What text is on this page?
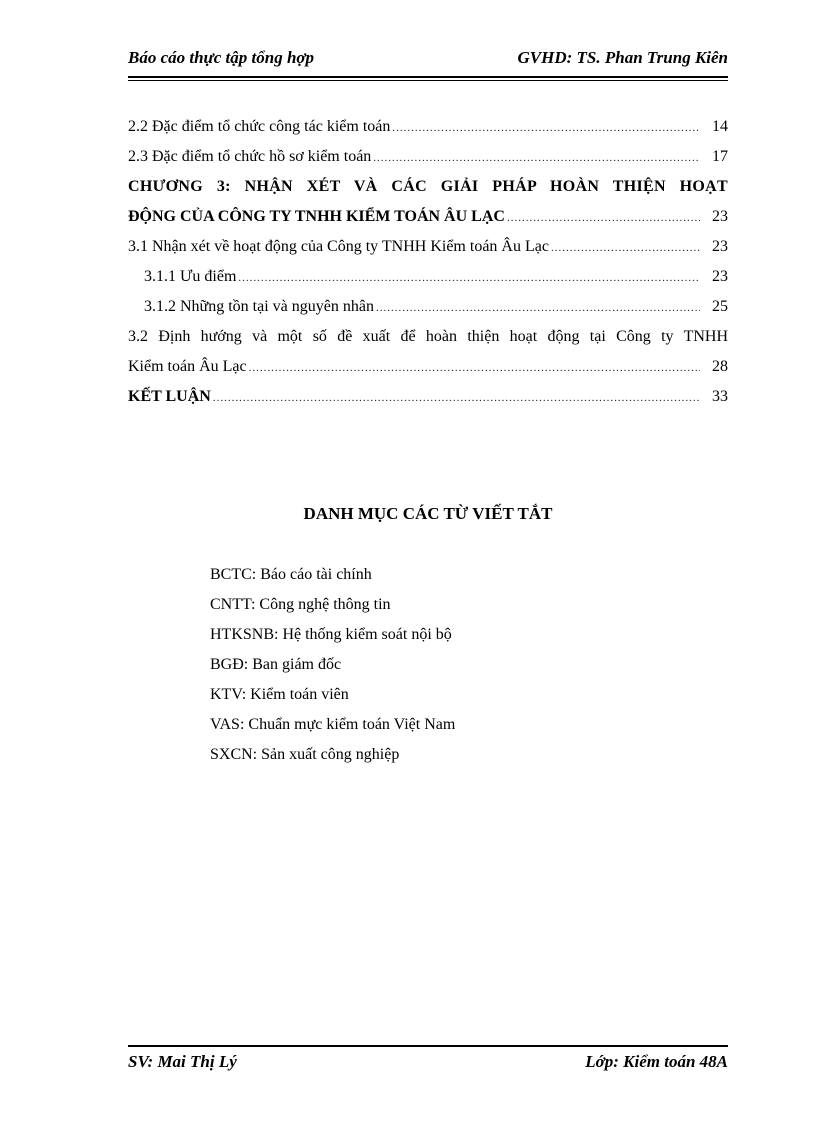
Báo cáo thực tập tổng hợp	GVHD: TS. Phan Trung Kiên
2.2 Đặc điểm tổ chức công tác kiểm toán .....	14
2.3 Đặc điểm tổ chức hồ sơ kiểm toán .....	17
CHƯƠNG 3: NHẬN XÉT VÀ CÁC GIẢI PHÁP HOÀN THIỆN HOẠT
ĐỘNG CỦA CÔNG TY TNHH KIỂM TOÁN ÂU LẠC .....	23
3.1 Nhận xét về hoạt động của Công ty TNHH Kiểm toán Âu Lạc .....	23
3.1.1 Ưu điểm .....	23
3.1.2 Những tồn tại và nguyên nhân .....	25
3.2 Định hướng và một số đề xuất để hoàn thiện hoạt động tại Công ty TNHH
Kiểm toán Âu Lạc .....	28
KẾT LUẬN .....	33
DANH MỤC CÁC TỪ VIẾT TẮT
BCTC: Báo cáo tài chính
CNTT: Công nghệ thông tin
HTKSNB: Hệ thống kiểm soát nội bộ
BGĐ: Ban giám đốc
KTV: Kiểm toán viên
VAS: Chuẩn mực kiểm toán Việt Nam
SXCN: Sản xuất công nghiệp
SV: Mai Thị Lý	Lớp: Kiểm toán 48A
